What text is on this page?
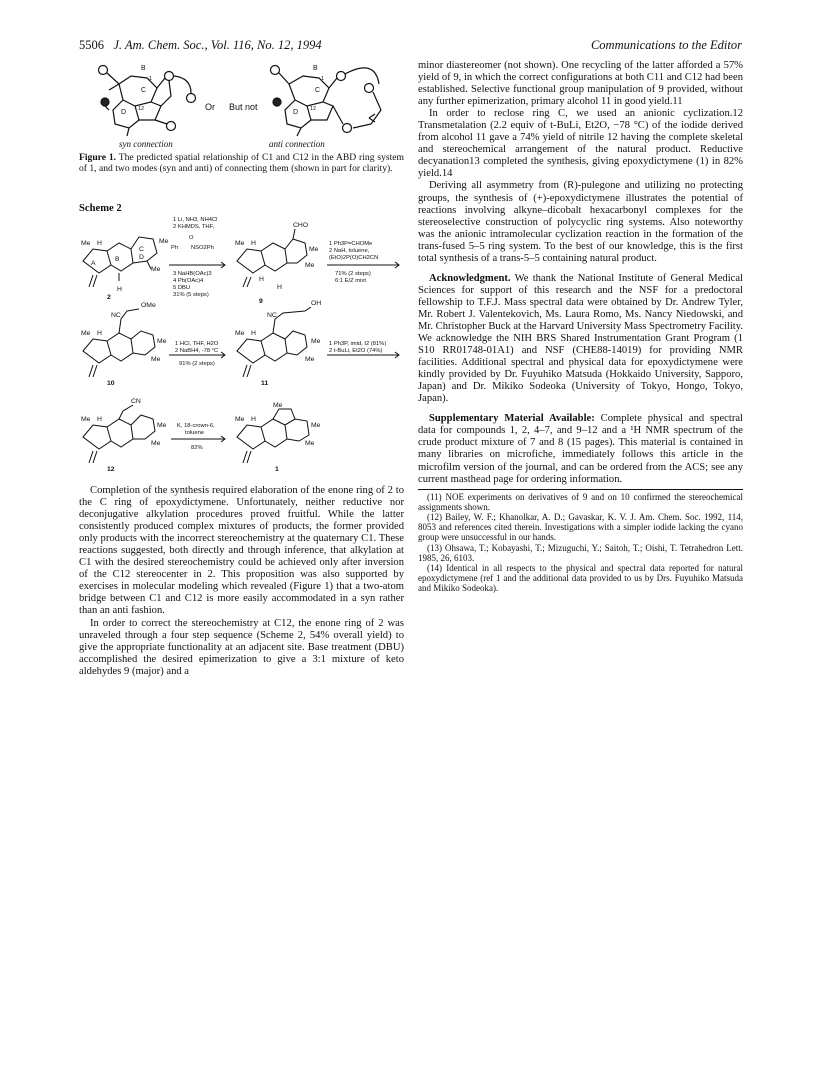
5506 J. Am. Chem. Soc., Vol. 116, No. 12, 1994	Communications to the Editor
B
C
D
1
12
B
C
D
1
12
Or But not
syn connection	anti connection
Figure 1. The predicted spatial relationship of C1 and C12 in the ABD ring system of 1, and two modes (syn and anti) of connecting them (shown in part for clarity).
Scheme 2
Me H
A
B
C
D
Me
Me
H
2
1 Li, NH3, NH4Cl
2 KHMDS, THF,
O
Ph NSO2Ph
3 NaHB(OAc)3
4 Pb(OAc)4
5 DBU
31% (5 steps)
Me H
CHO
Me
Me
H
H
9
1 Ph3P=CHOMe
2 NaH, toluene,
(EtO)2P(O)CH2CN
71% (2 steps)
6:1 E/Z mixt
Me H
NC
OMe
Me
Me
10
1 HCl, THF, H2O
2 NaBH4, -78 °C
91% (2 steps)
Me H
NC
OH
Me
Me
11
1 Ph3P, imid, I2 (81%)
2 t-BuLi, Et2O (74%)
Me H
CN
Me
Me
12
K, 18-crown-6,
toluene
82%
Me H
Me
Me
Me
1

Completion of the synthesis required elaboration of the enone ring of 2 to the C ring of epoxydictymene. Unfortunately, neither reductive nor deconjugative alkylation procedures proved fruitful. While the latter consistently produced complex mixtures of products, the former provided only products with the incorrect stereochemistry at the quaternary C1. These reactions suggested, both directly and through inference, that alkylation at C1 with the desired stereochemistry could be achieved only after inversion of the C12 stereocenter in 2. This proposition was also supported by exercises in molecular modeling which revealed (Figure 1) that a two-atom bridge between C1 and C12 is more easily accommodated in a syn rather than an anti fashion.

In order to correct the stereochemistry at C12, the enone ring of 2 was unraveled through a four step sequence (Scheme 2, 54% overall yield) to give the appropriate functionality at an adjacent site. Base treatment (DBU) accomplished the desired epimerization to give a 3:1 mixture of keto aldehydes 9 (major) and a

minor diastereomer (not shown). One recycling of the latter afforded a 57% yield of 9, in which the correct configurations at both C11 and C12 had been established. Selective functional group manipulation of 9 provided, without any further epimerization, primary alcohol 11 in good yield.11

In order to reclose ring C, we used an anionic cyclization.12 Transmetalation (2.2 equiv of t-BuLi, Et2O, −78 °C) of the iodide derived from alcohol 11 gave a 74% yield of nitrile 12 having the complete skeletal and stereochemical arrangement of the natural product. Reductive decyanation13 completed the synthesis, giving epoxydictymene (1) in 82% yield.14

Deriving all asymmetry from (R)-pulegone and utilizing no protecting groups, the synthesis of (+)-epoxydictymene illustrates the potential of reactions involving alkyne–dicobalt hexacarbonyl complexes for the stereoselective construction of polycyclic ring systems. Also noteworthy was the anionic intramolecular cyclization reaction in the formation of the trans-fused 5–5 ring system. To the best of our knowledge, this is the first total synthesis of a trans-5–5 containing natural product.

Acknowledgment. We thank the National Institute of General Medical Sciences for support of this research and the NSF for a predoctoral fellowship to T.F.J. Mass spectral data were obtained by Dr. Andrew Tyler, Mr. Robert J. Valentekovich, Ms. Laura Romo, Ms. Nancy Niedowski, and Mr. Christopher Buck at the Harvard University Mass Spectrometry Facility. We acknowledge the NIH BRS Shared Instrumentation Grant Program (1 S10 RR01748-01A1) and NSF (CHE88-14019) for providing NMR facilities. Additional spectral and physical data for epoxydictymene were kindly provided by Dr. Fuyuhiko Matsuda (Hokkaido University, Sapporo, Japan) and Dr. Mikiko Sodeoka (University of Tokyo, Hongo, Tokyo, Japan).

Supplementary Material Available: Complete physical and spectral data for compounds 1, 2, 4–7, and 9–12 and a ¹H NMR spectrum of the crude product mixture of 7 and 8 (15 pages). This material is contained in many libraries on microfiche, immediately follows this article in the microfilm version of the journal, and can be ordered from the ACS; see any current masthead page for ordering information.

(11) NOE experiments on derivatives of 9 and on 10 confirmed the stereochemical assignments shown.

(12) Bailey, W. F.; Khanolkar, A. D.; Gavaskar, K. V. J. Am. Chem. Soc. 1992, 114, 8053 and references cited therein. Investigations with a simpler iodide lacking the cyano group were unsuccessful in our hands.

(13) Ohsawa, T.; Kobayashi, T.; Mizuguchi, Y.; Saitoh, T.; Oishi, T. Tetrahedron Lett. 1985, 26, 6103.

(14) Identical in all respects to the physical and spectral data reported for natural epoxydictymene (ref 1 and the additional data provided to us by Drs. Fuyuhiko Matsuda and Mikiko Sodeoka).
